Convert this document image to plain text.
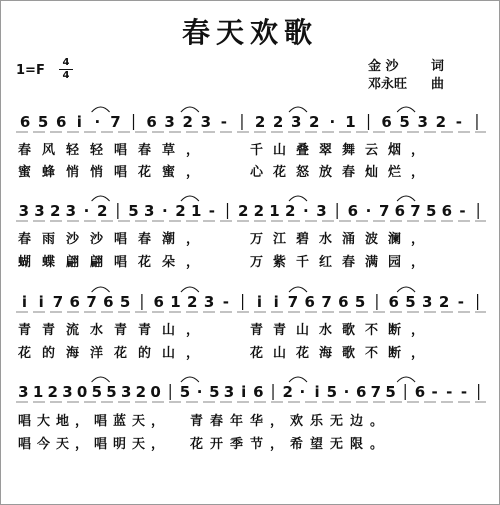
春天欢歌
1=F
4
4
金 沙 词
邓永旺 曲
6 5 6 i · 7 6 3 2 3 - 2 2 3 2 · 1 6 5 3 2 -
3 3 2 3 · 2 5 3 · 2 1 - 2 2 1 2 · 3 6 · 7 6 7 5 6 -
i i 7 6 7 6 5 6 1 2 3 - i i 7 6 7 6 5 6 5 3 2 -
3 1 2 3 0 5 5 3 2 0 5 · 5 3 i 6 2 · i 5 · 6 7 5 6 - - -
春风轻轻唱春草，	千山叠翠舞云烟，
蜜蜂悄悄唱花蜜，	心花怒放春灿烂，
春雨沙沙唱春潮，	万江碧水涌波澜，
蝴蝶翩翩唱花朵，	万紫千红春满园，
青青流水青青山，	青青山水歌不断，
花的海洋花的山，	花山花海歌不断，
唱大地，唱蓝天， 青春年华，欢乐无边。
唱今天，唱明天， 花开季节，希望无限。
